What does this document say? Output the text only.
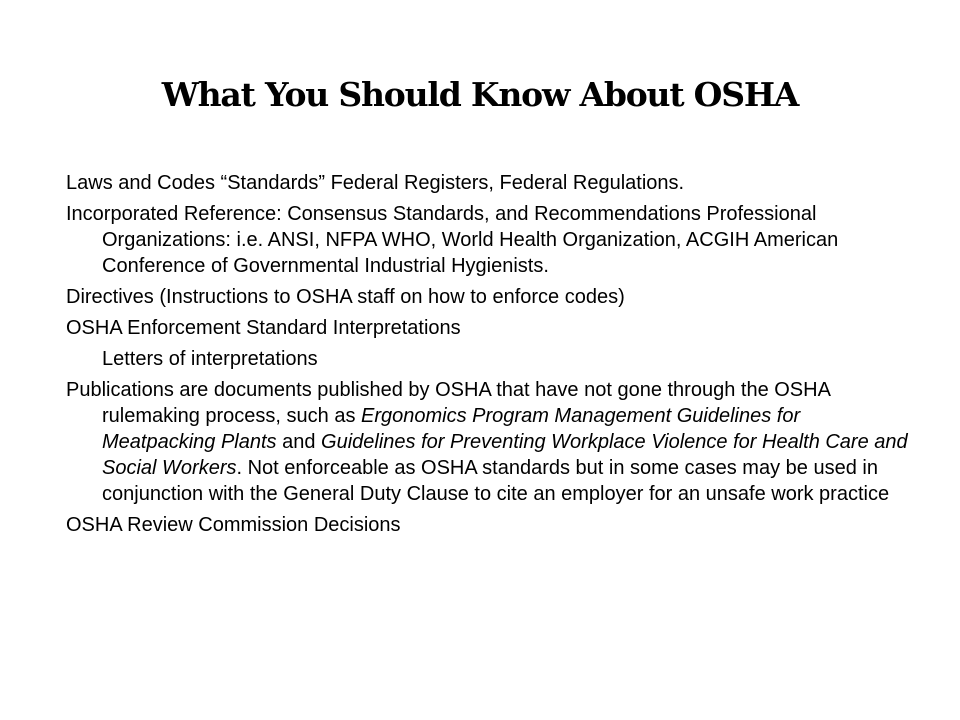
What You Should Know About OSHA

Laws and Codes “Standards” Federal Registers, Federal Regulations.

Incorporated Reference: Consensus Standards, and Recommendations Professional Organizations: i.e. ANSI, NFPA WHO, World Health Organization, ACGIH American Conference of Governmental Industrial Hygienists.

Directives (Instructions to OSHA staff on how to enforce codes)

OSHA Enforcement Standard Interpretations

Letters of interpretations

Publications are documents published by OSHA that have not gone through the OSHA rulemaking process, such as Ergonomics Program Management Guidelines for Meatpacking Plants and Guidelines for Preventing Workplace Violence for Health Care and Social Workers. Not enforceable as OSHA standards but in some cases may be used in conjunction with the General Duty Clause to cite an employer for an unsafe work practice

OSHA Review Commission Decisions
